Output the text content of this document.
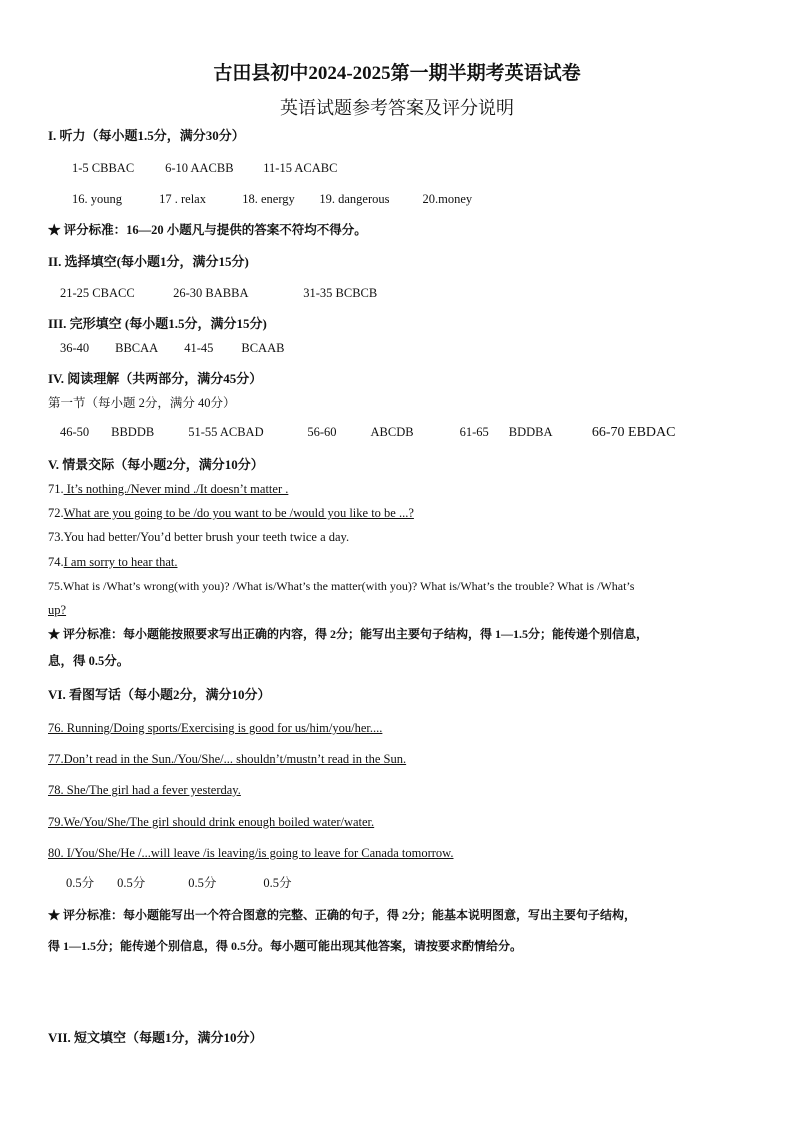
古田县初中2024-2025第一期半期考英语试卷
英语试题参考答案及评分说明
I. 听力（每小题1.5分，满分30分）
1-5 CBBAC 6-10 AACBB 11-15 ACABC
16. young	17 . relax	18. energy 19. dangerous	20.money
★ 评分标准：16—20 小题凡与提供的答案不符均不得分。
II. 选择填空(每小题1分，满分15分)
21-25 CBACC	26-30 BABBA	31-35 BCBCB
III. 完形填空 (每小题1.5分，满分15分)
36-40 BBCAA 41-45 BCAAB
IV. 阅读理解（共两部分，满分45分）
第一节（每小题 2分，满分 40分）
46-50 BBDDB	51-55 ACBAD	56-60	ABCDB	61-65 BDDBA	66-70 EBDAC
V. 情景交际（每小题2分，满分10分）
71. It’s nothing./Never mind ./It doesn’t matter .
72.What are you going to be /do you want to be /would you like to be ...?
73.You had better/You’d better brush your teeth twice a day.
74.I am sorry to hear that.
75.What is /What’s wrong(with you)? /What is/What’s the matter(with you)? What is/What’s the trouble? What is /What’s
up?
★ 评分标准：每小题能按照要求写出正确的内容，得 2分；能写出主要句子结构，得 1—1.5分；能传递个别信息，
息，得 0.5分。
VI. 看图写话（每小题2分，满分10分）
76. Running/Doing sports/Exercising is good for us/him/you/her....
77.Don’t read in the Sun./You/She/... shouldn’t/mustn’t read in the Sun.
78. She/The girl had a fever yesterday.
79.We/You/She/The girl should drink enough boiled water/water.
80. I/You/She/He /...will leave /is leaving/is going to leave for Canada tomorrow.
0.5分 0.5分	0.5分	0.5分
★ 评分标准：每小题能写出一个符合图意的完整、正确的句子，得 2分；能基本说明图意，写出主要句子结构，
得 1—1.5分；能传递个别信息，得 0.5分。每小题可能出现其他答案，请按要求酌情给分。
VII. 短文填空（每题1分，满分10分）
